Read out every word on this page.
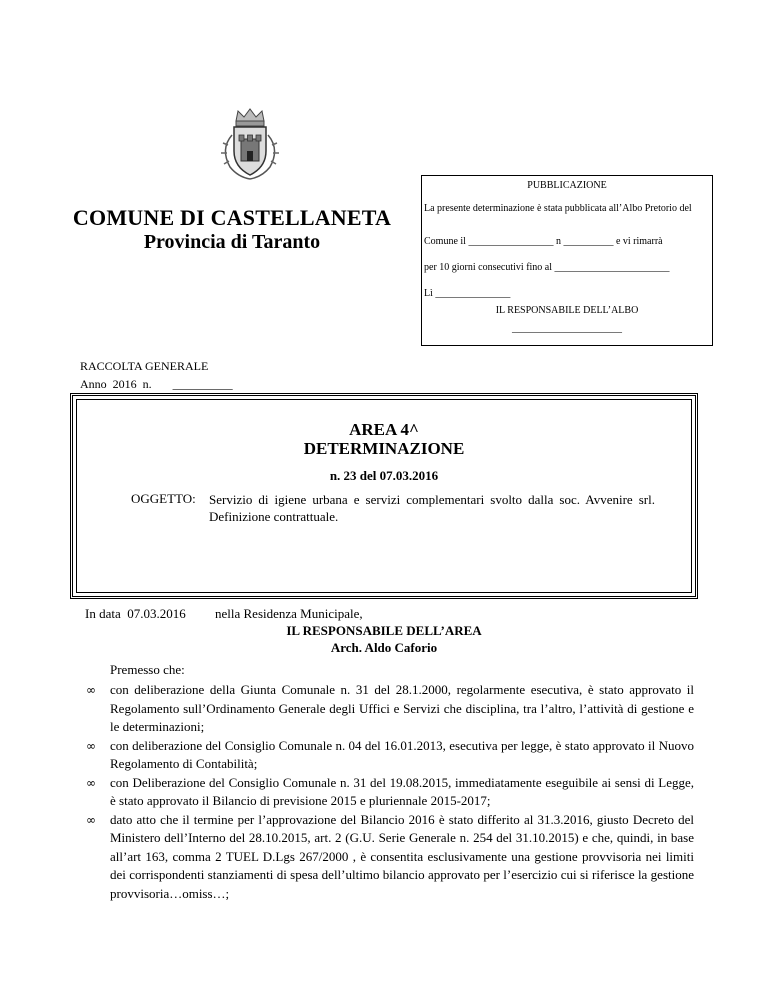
COMUNE DI CASTELLANETA
Provincia di Taranto
PUBBLICAZIONE
La presente determinazione è stata pubblicata all’Albo Pretorio del
Comune il _________________ n __________ e vi rimarrà
per 10 giorni consecutivi fino al _______________________
Lì _______________
IL RESPONSABILE DELL’ALBO
______________________
RACCOLTA GENERALE
Anno  2016  n.       __________
AREA 4^
DETERMINAZIONE
n. 23 del 07.03.2016
OGGETTO: Servizio di igiene urbana e servizi complementari svolto dalla soc. Avvenire srl. Definizione contrattuale.
In data  07.03.2016 nella Residenza Municipale,
IL RESPONSABILE DELL’AREA
Arch. Aldo Caforio
Premesso che:

∞ con deliberazione della Giunta Comunale n. 31 del 28.1.2000, regolarmente esecutiva, è stato approvato il Regolamento sull’Ordinamento Generale degli Uffici e Servizi che disciplina, tra l’altro, l’attività di gestione e le determinazioni;

∞ con deliberazione del Consiglio Comunale n. 04 del 16.01.2013, esecutiva per legge, è stato approvato il Nuovo Regolamento di Contabilità;

∞ con Deliberazione del Consiglio Comunale n. 31 del 19.08.2015, immediatamente eseguibile ai sensi di Legge, è stato approvato il Bilancio di previsione 2015 e pluriennale 2015-2017;

∞ dato atto che il termine per l’approvazione del Bilancio 2016 è stato differito al 31.3.2016, giusto Decreto del Ministero dell’Interno del 28.10.2015, art. 2 (G.U. Serie Generale n. 254 del 31.10.2015) e che, quindi, in base all’art 163, comma 2 TUEL D.Lgs 267/2000 , è consentita esclusivamente una gestione provvisoria nei limiti dei corrispondenti stanziamenti di spesa dell’ultimo bilancio approvato per l’esercizio cui si riferisce la gestione provvisoria…omiss…;
